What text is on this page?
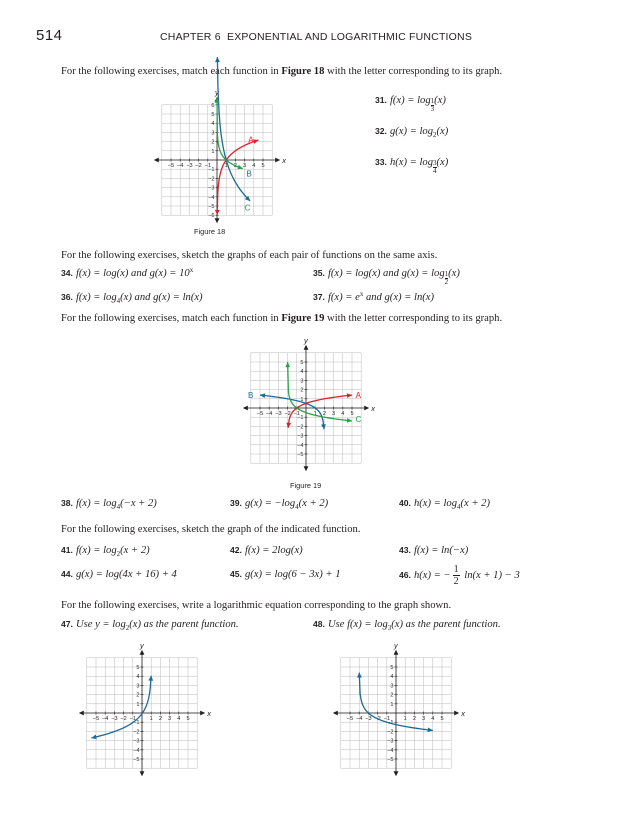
514	CHAPTER 6 EXPONENTIAL AND LOGARITHMIC FUNCTIONS
For the following exercises, match each function in Figure 18 with the letter corresponding to its graph.
x
y
−5 −4 −3 −2 −1 1 2 3 4 5
6
5
4
3
2
1
−1
−2
−3
−4
−5
−6
A
B
C
Figure 18
31. $f(x) = \log \frac{1}{3} (x)$
32. $g(x) = \log_2(x)$
33. $h(x) = \log \frac{3}{4} (x)$
For the following exercises, sketch the graphs of each pair of functions on the same axis.
34. f(x) = log(x) and $g(x) = 10^x$	35. f(x) = log(x) and $g(x) = \log \frac{1}{2} (x)$
36. $f(x) = \log_4(x)$ and g(x) = ln(x)	37. $f(x) = e^x$ and g(x) = ln(x)
For the following exercises, match each function in Figure 19 with the letter corresponding to its graph.
x
y
−5 −4 −3 −2 −1 1 2 3 4 5
5
4
3
2
1
−1
−2
−3
−4
−5
A
B
C
Figure 19
38. $f(x) = \log_4(-x + 2)$	39. $g(x) = -\log_4(x + 2)$	40. $h(x) = \log_4(x + 2)$
For the following exercises, sketch the graph of the indicated function.
41. $f(x) = \log_2(x + 2)$	42. f(x) = 2log(x)	43. f(x) = ln(−x)
44. g(x) = log(4x + 16) + 4	45. g(x) = log(6 − 3x) + 1	46. h(x) = − $\frac{1}{2} \ln(x + 1) - 3$
For the following exercises, write a logarithmic equation corresponding to the graph shown.
47. Use $y = \log_2(x)$ as the parent function.	48. Use $f(x) = \log_3(x)$ as the parent function.
x
y
−5 −4 −3 −2 −1 1 2 3 4 5
5
4
3
2
1
−1
−2
−3
−4
−5
x
y
−5 −4 −3 −2 −1 1 2 3 4 5
5
4
3
2
1
−1
−2
−3
−4
−5
